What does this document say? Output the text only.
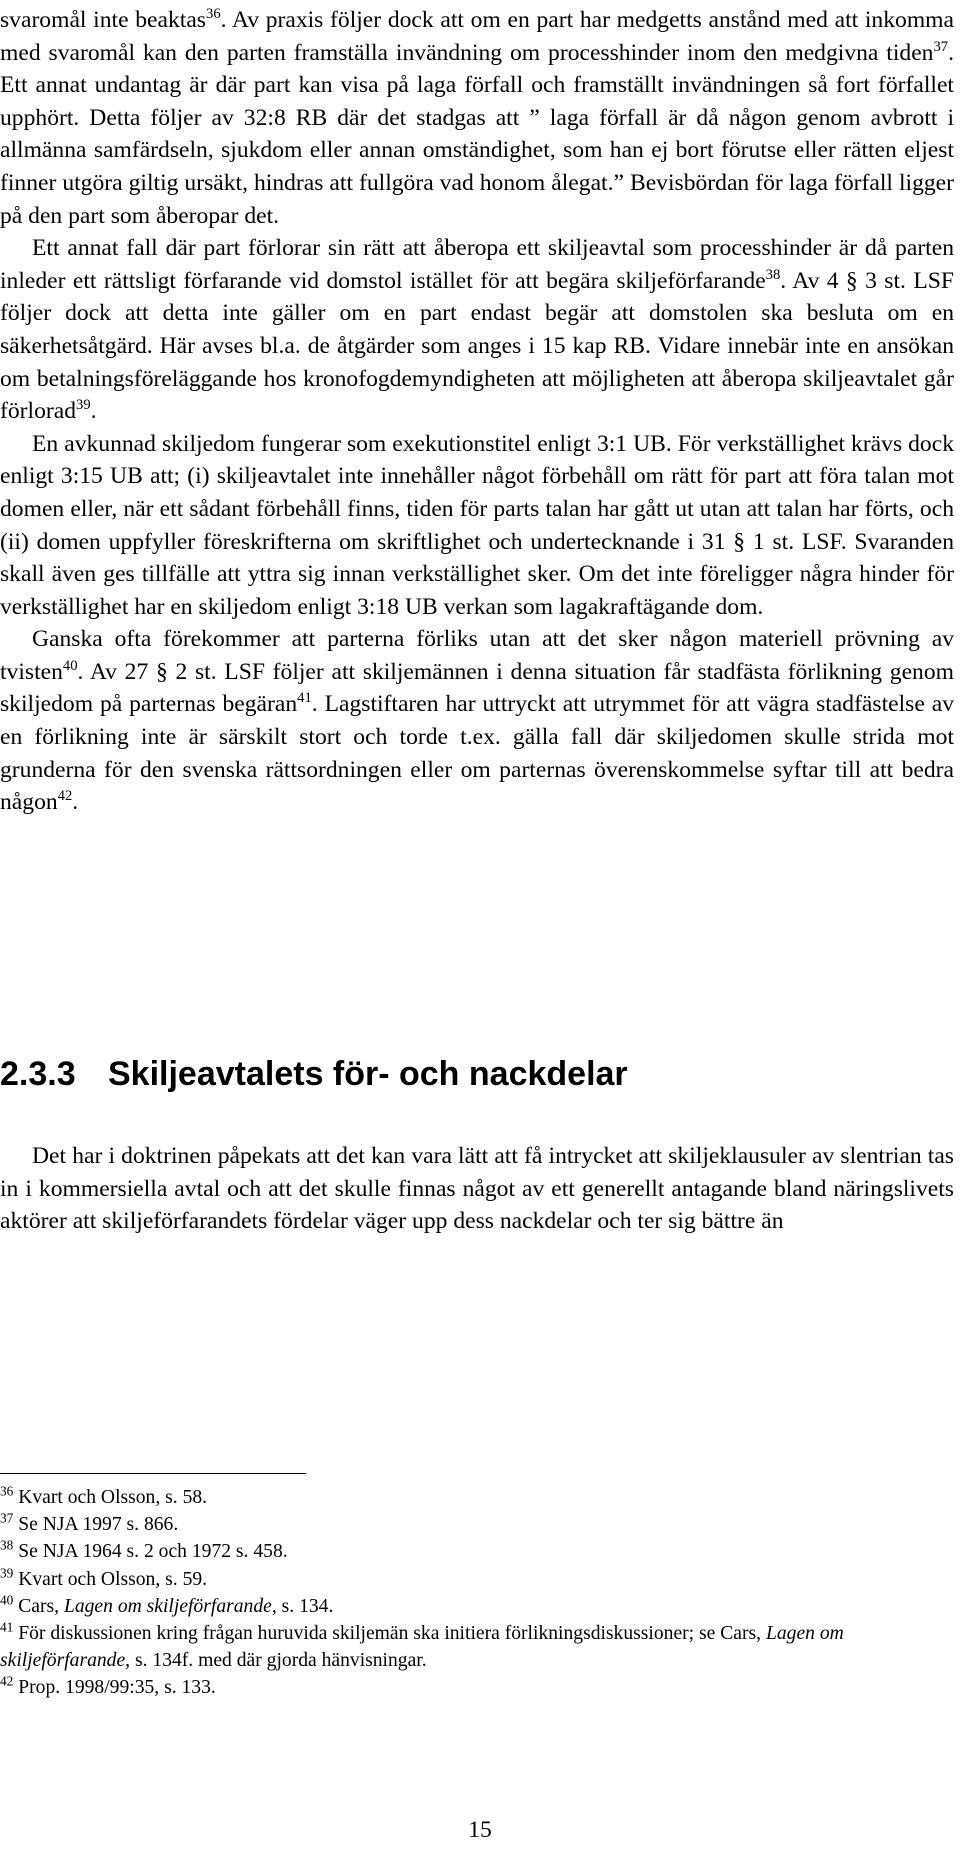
svaromål inte beaktas$^{36}$. Av praxis följer dock att om en part har medgetts anstånd med att inkomma med svaromål kan den parten framställa invändning om processhinder inom den medgivna tiden$^{37}$. Ett annat undantag är där part kan visa på laga förfall och framställt invändningen så fort förfallet upphört. Detta följer av 32:8 RB där det stadgas att ” laga förfall är då någon genom avbrott i allmänna samfärdseln, sjukdom eller annan omständighet, som han ej bort förutse eller rätten eljest finner utgöra giltig ursäkt, hindras att fullgöra vad honom ålegat.” Bevisbördan för laga förfall ligger på den part som åberopar det.

Ett annat fall där part förlorar sin rätt att åberopa ett skiljeavtal som processhinder är då parten inleder ett rättsligt förfarande vid domstol istället för att begära skiljeförfarande$^{38}$. Av 4 § 3 st. LSF följer dock att detta inte gäller om en part endast begär att domstolen ska besluta om en säkerhetsåtgärd. Här avses bl.a. de åtgärder som anges i 15 kap RB. Vidare innebär inte en ansökan om betalningsföreläggande hos kronofogdemyndigheten att möjligheten att åberopa skiljeavtalet går förlorad$^{39}$.

En avkunnad skiljedom fungerar som exekutionstitel enligt 3:1 UB. För verkställighet krävs dock enligt 3:15 UB att; (i) skiljeavtalet inte innehåller något förbehåll om rätt för part att föra talan mot domen eller, när ett sådant förbehåll finns, tiden för parts talan har gått ut utan att talan har förts, och (ii) domen uppfyller föreskrifterna om skriftlighet och undertecknande i 31 § 1 st. LSF. Svaranden skall även ges tillfälle att yttra sig innan verkställighet sker. Om det inte föreligger några hinder för verkställighet har en skiljedom enligt 3:18 UB verkan som lagakraftägande dom.

Ganska ofta förekommer att parterna förliks utan att det sker någon materiell prövning av tvisten$^{40}$. Av 27 § 2 st. LSF följer att skiljemännen i denna situation får stadfästa förlikning genom skiljedom på parternas begäran$^{41}$. Lagstiftaren har uttryckt att utrymmet för att vägra stadfästelse av en förlikning inte är särskilt stort och torde t.ex. gälla fall där skiljedomen skulle strida mot grunderna för den svenska rättsordningen eller om parternas överenskommelse syftar till att bedra någon$^{42}$.

2.3.3 Skiljeavtalets för- och nackdelar
Det har i doktrinen påpekats att det kan vara lätt att få intrycket att skiljeklausuler av slentrian tas in i kommersiella avtal och att det skulle finnas något av ett generellt antagande bland näringslivets aktörer att skiljeförfarandets fördelar väger upp dess nackdelar och ter sig bättre än
$^{36}$ Kvart och Olsson, s. 58.
$^{37}$ Se NJA 1997 s. 866.
$^{38}$ Se NJA 1964 s. 2 och 1972 s. 458.
$^{39}$ Kvart och Olsson, s. 59.
$^{40}$ Cars, Lagen om skiljeförfarande, s. 134.
$^{41}$ För diskussionen kring frågan huruvida skiljemän ska initiera förlikningsdiskussioner; se Cars, Lagen om skiljeförfarande, s. 134f. med där gjorda hänvisningar.
$^{42}$ Prop. 1998/99:35, s. 133.
15
